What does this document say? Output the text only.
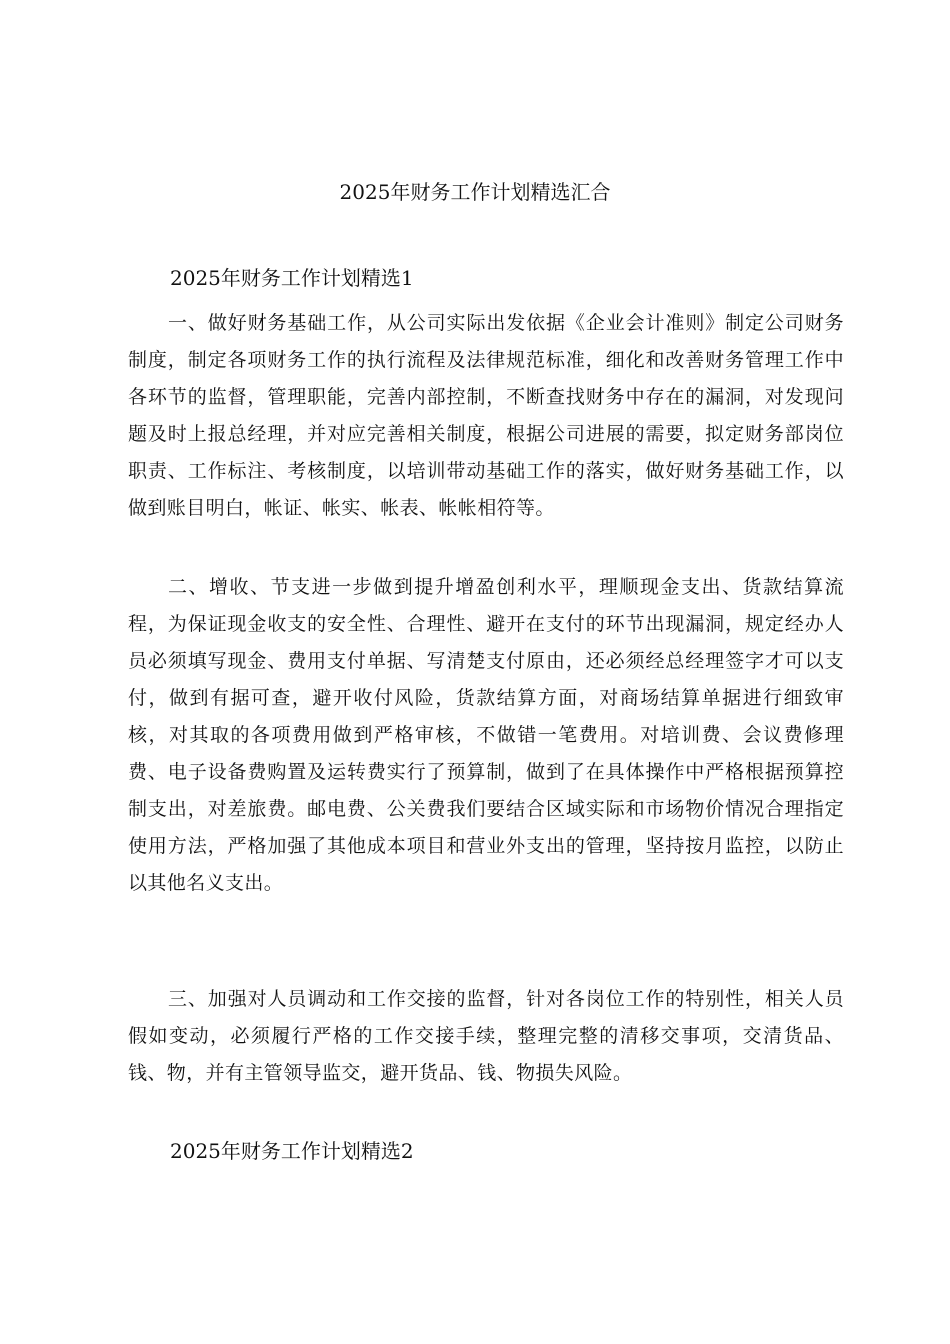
2025年财务工作计划精选汇合
2025年财务工作计划精选1

一、做好财务基础工作，从公司实际出发依据《企业会计准则》制定公司财务制度，制定各项财务工作的执行流程及法律规范标准，细化和改善财务管理工作中各环节的监督，管理职能，完善内部控制，不断查找财务中存在的漏洞，对发现问题及时上报总经理，并对应完善相关制度，根据公司进展的需要，拟定财务部岗位职责、工作标注、考核制度，以培训带动基础工作的落实，做好财务基础工作，以做到账目明白，帐证、帐实、帐表、帐帐相符等。

二、增收、节支进一步做到提升增盈创利水平，理顺现金支出、货款结算流程，为保证现金收支的安全性、合理性、避开在支付的环节出现漏洞，规定经办人员必须填写现金、费用支付单据、写清楚支付原由，还必须经总经理签字才可以支付，做到有据可查，避开收付风险，货款结算方面，对商场结算单据进行细致审核，对其取的各项费用做到严格审核，不做错一笔费用。对培训费、会议费修理费、电子设备费购置及运转费实行了预算制，做到了在具体操作中严格根据预算控制支出，对差旅费。邮电费、公关费我们要结合区域实际和市场物价情况合理指定使用方法，严格加强了其他成本项目和营业外支出的管理，坚持按月监控，以防止以其他名义支出。

三、加强对人员调动和工作交接的监督，针对各岗位工作的特别性，相关人员假如变动，必须履行严格的工作交接手续，整理完整的清移交事项，交清货品、钱、物，并有主管领导监交，避开货品、钱、物损失风险。

2025年财务工作计划精选2
